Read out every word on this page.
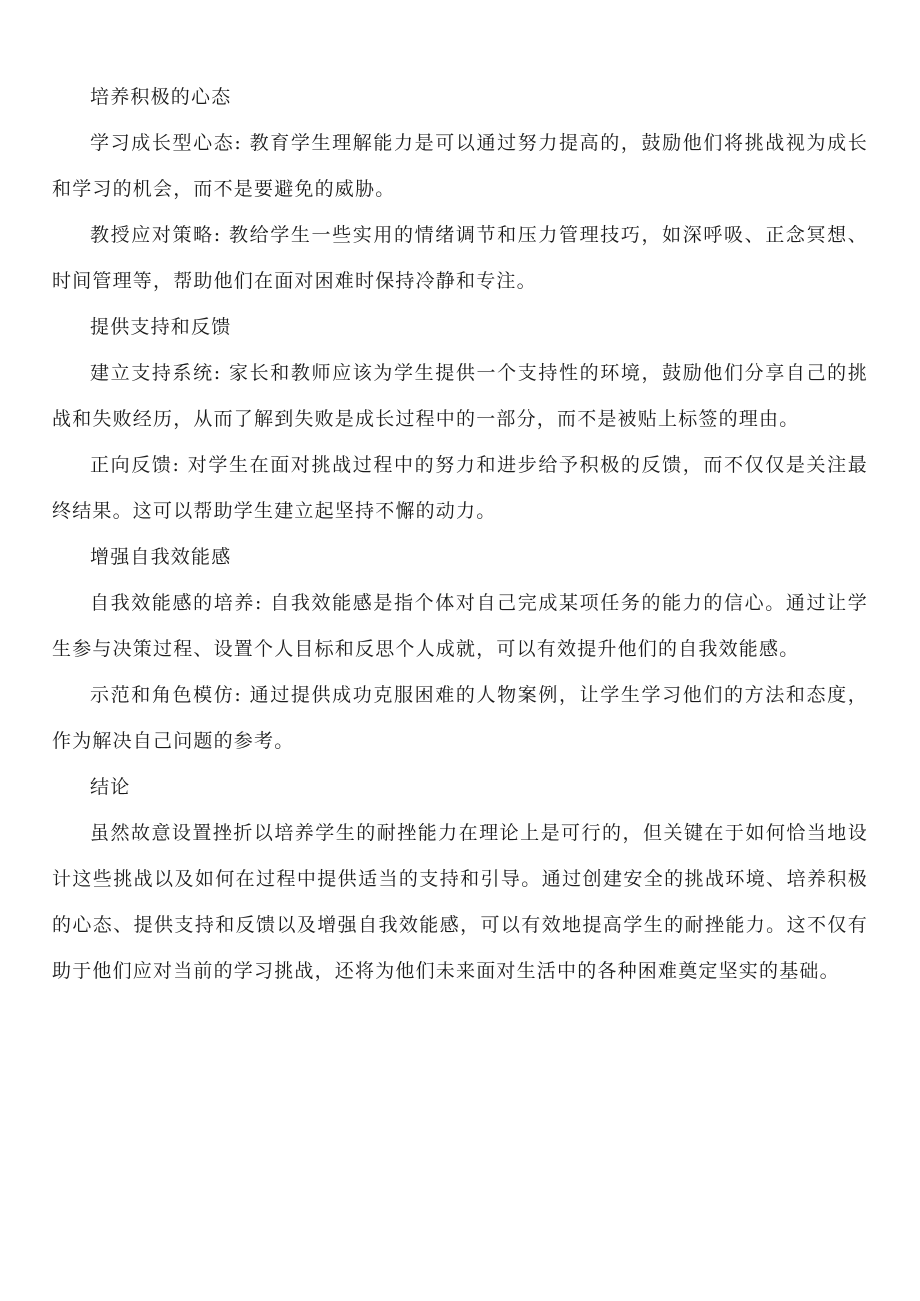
培养积极的心态

学习成长型心态: 教育学生理解能力是可以通过努力提高的，鼓励他们将挑战视为成长和学习的机会，而不是要避免的威胁。

教授应对策略: 教给学生一些实用的情绪调节和压力管理技巧，如深呼吸、正念冥想、时间管理等，帮助他们在面对困难时保持冷静和专注。

提供支持和反馈

建立支持系统: 家长和教师应该为学生提供一个支持性的环境，鼓励他们分享自己的挑战和失败经历，从而了解到失败是成长过程中的一部分，而不是被贴上标签的理由。

正向反馈: 对学生在面对挑战过程中的努力和进步给予积极的反馈，而不仅仅是关注最终结果。这可以帮助学生建立起坚持不懈的动力。

增强自我效能感

自我效能感的培养: 自我效能感是指个体对自己完成某项任务的能力的信心。通过让学生参与决策过程、设置个人目标和反思个人成就，可以有效提升他们的自我效能感。

示范和角色模仿: 通过提供成功克服困难的人物案例，让学生学习他们的方法和态度，作为解决自己问题的参考。

结论

虽然故意设置挫折以培养学生的耐挫能力在理论上是可行的，但关键在于如何恰当地设计这些挑战以及如何在过程中提供适当的支持和引导。通过创建安全的挑战环境、培养积极的心态、提供支持和反馈以及增强自我效能感，可以有效地提高学生的耐挫能力。这不仅有助于他们应对当前的学习挑战，还将为他们未来面对生活中的各种困难奠定坚实的基础。
